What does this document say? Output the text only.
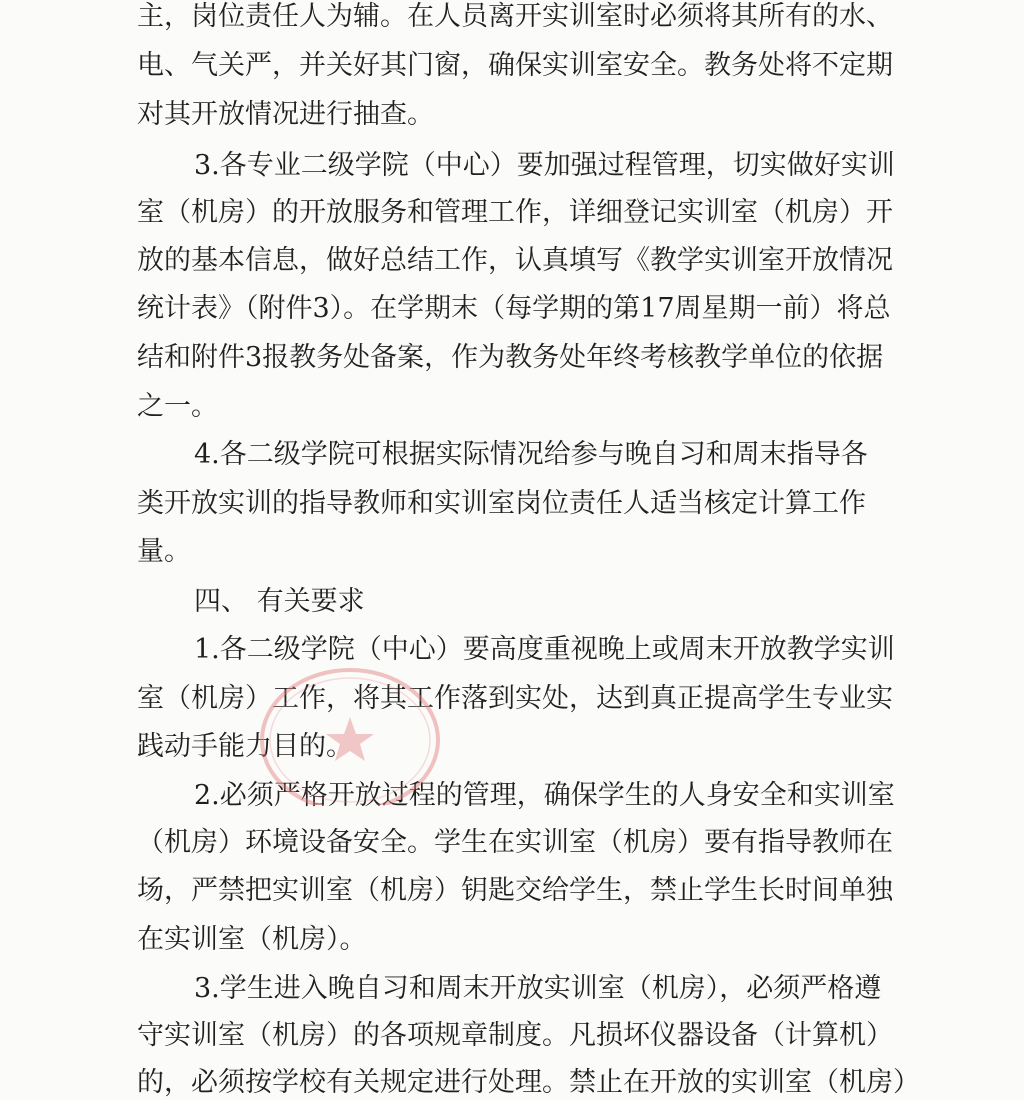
主，岗位责任人为辅。在人员离开实训室时必须将其所有的水、
电、气关严，并关好其门窗，确保实训室安全。教务处将不定期
对其开放情况进行抽查。
3.各专业二级学院（中心）要加强过程管理，切实做好实训
室（机房）的开放服务和管理工作，详细登记实训室（机房）开
放的基本信息，做好总结工作，认真填写《教学实训室开放情况
统计表》（附件3）。在学期末（每学期的第17周星期一前）将总
结和附件3报教务处备案，作为教务处年终考核教学单位的依据
之一。
4.各二级学院可根据实际情况给参与晚自习和周末指导各
类开放实训的指导教师和实训室岗位责任人适当核定计算工作
量。
四、 有关要求
1.各二级学院（中心）要高度重视晚上或周末开放教学实训
室（机房）工作，将其工作落到实处，达到真正提高学生专业实
践动手能力目的。
2.必须严格开放过程的管理，确保学生的人身安全和实训室
（机房）环境设备安全。学生在实训室（机房）要有指导教师在
场，严禁把实训室（机房）钥匙交给学生，禁止学生长时间单独
在实训室（机房）。
3.学生进入晚自习和周末开放实训室（机房），必须严格遵
守实训室（机房）的各项规章制度。凡损坏仪器设备（计算机）
的，必须按学校有关规定进行处理。禁止在开放的实训室（机房）
